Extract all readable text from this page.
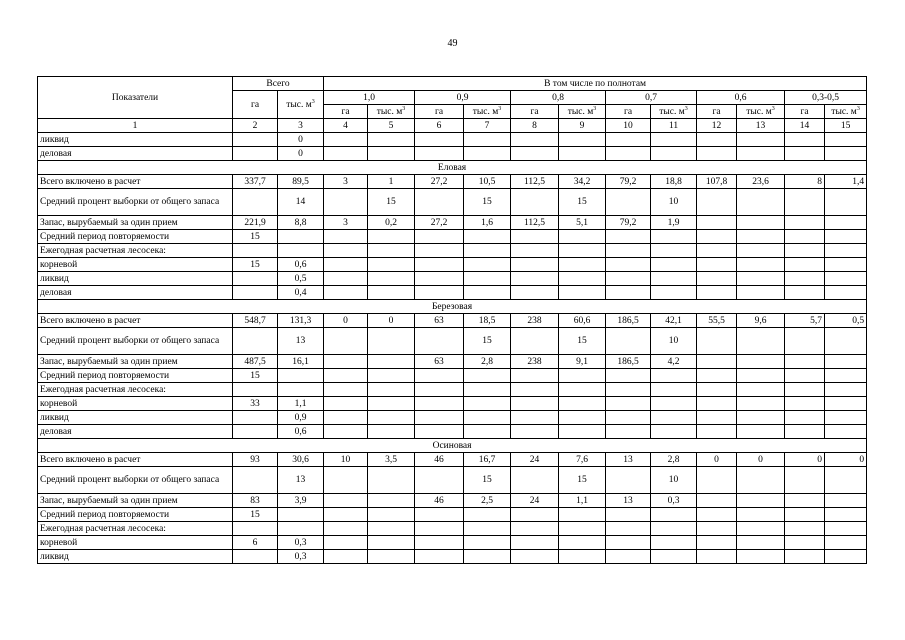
49
Показатели	Всего		В том числе по полнотам											
	га	тыс. $м^3$	1,0		0,9		0,8		0,7		0,6		0,3-0,5	
			га	тыс. $м^3$	га	тыс. $м^3$	га	тыс. $м^3$	га	тыс. $м^3$	га	тыс. $м^3$	га	тыс. $м^3$
1	2	3	4	5	6	7	8	9	10	11	12	13	14	15
ликвид		0												
деловая		0												
Еловая														
Всего включено в расчет	337,7	89,5	3	1	27,2	10,5	112,5	34,2	79,2	18,8	107,8	23,6	8	1,4
Средний процент выборки от общего запаса		14		15		15		15		10				
Запас, вырубаемый за один прием	221,9	8,8	3	0,2	27,2	1,6	112,5	5,1	79,2	1,9				
Средний период повторяемости	15													
Ежегодная расчетная лесосека:														
корневой	15	0,6												
ликвид		0,5												
деловая		0,4												
Березовая														
Всего включено в расчет	548,7	131,3	0	0	63	18,5	238	60,6	186,5	42,1	55,5	9,6	5,7	0,5
Средний процент выборки от общего запаса		13				15		15		10				
Запас, вырубаемый за один прием	487,5	16,1			63	2,8	238	9,1	186,5	4,2				
Средний период повторяемости	15													
Ежегодная расчетная лесосека:														
корневой	33	1,1												
ликвид		0,9												
деловая		0,6												
Осиновая														
Всего включено в расчет	93	30,6	10	3,5	46	16,7	24	7,6	13	2,8	0	0	0	0
Средний процент выборки от общего запаса		13				15		15		10				
Запас, вырубаемый за один прием	83	3,9			46	2,5	24	1,1	13	0,3				
Средний период повторяемости	15													
Ежегодная расчетная лесосека:														
корневой	6	0,3												
ликвид		0,3												
